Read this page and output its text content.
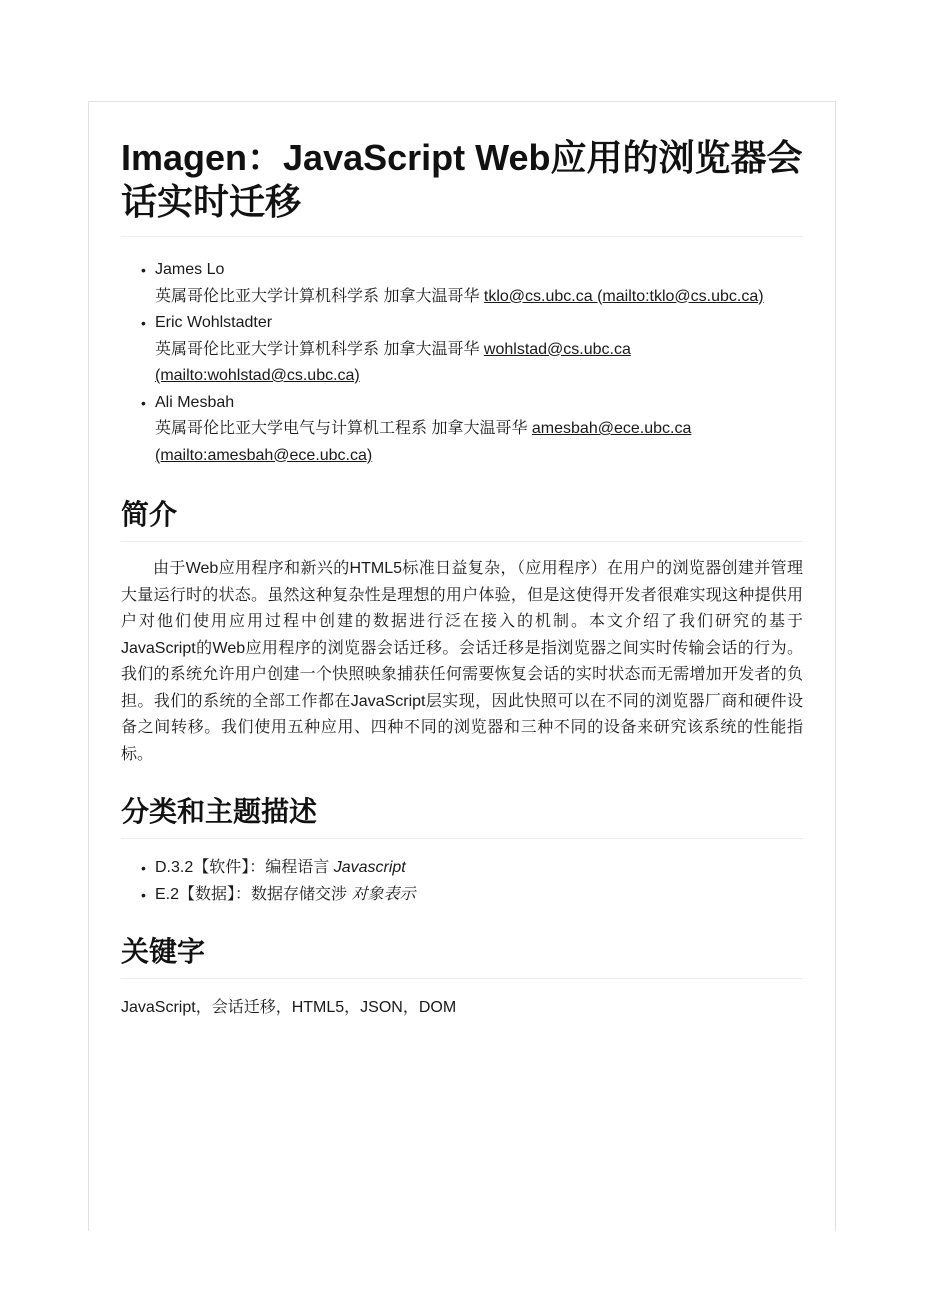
Imagen：JavaScript Web应用的浏览器会话实时迁移
• James Lo
英属哥伦比亚大学计算机科学系 加拿大温哥华 tklo@cs.ubc.ca (mailto:tklo@cs.ubc.ca)
• Eric Wohlstadter
英属哥伦比亚大学计算机科学系 加拿大温哥华 wohlstad@cs.ubc.ca (mailto:wohlstad@cs.ubc.ca)
• Ali Mesbah
英属哥伦比亚大学电气与计算机工程系 加拿大温哥华 amesbah@ece.ubc.ca (mailto:amesbah@ece.ubc.ca)
简介

由于Web应用程序和新兴的HTML5标准日益复杂，（应用程序）在用户的浏览器创建并管理大量运行时的状态。虽然这种复杂性是理想的用户体验，但是这使得开发者很难实现这种提供用户对他们使用应用过程中创建的数据进行泛在接入的机制。本文介绍了我们研究的基于JavaScript的Web应用程序的浏览器会话迁移。会话迁移是指浏览器之间实时传输会话的行为。我们的系统允许用户创建一个快照映象捕获任何需要恢复会话的实时状态而无需增加开发者的负担。我们的系统的全部工作都在JavaScript层实现，因此快照可以在不同的浏览器厂商和硬件设备之间转移。我们使用五种应用、四种不同的浏览器和三种不同的设备来研究该系统的性能指标。

分类和主题描述
• D.3.2【软件】：编程语言 Javascript
• E.2【数据】：数据存储交涉 对象表示
关键字

JavaScript，会话迁移，HTML5，JSON，DOM
